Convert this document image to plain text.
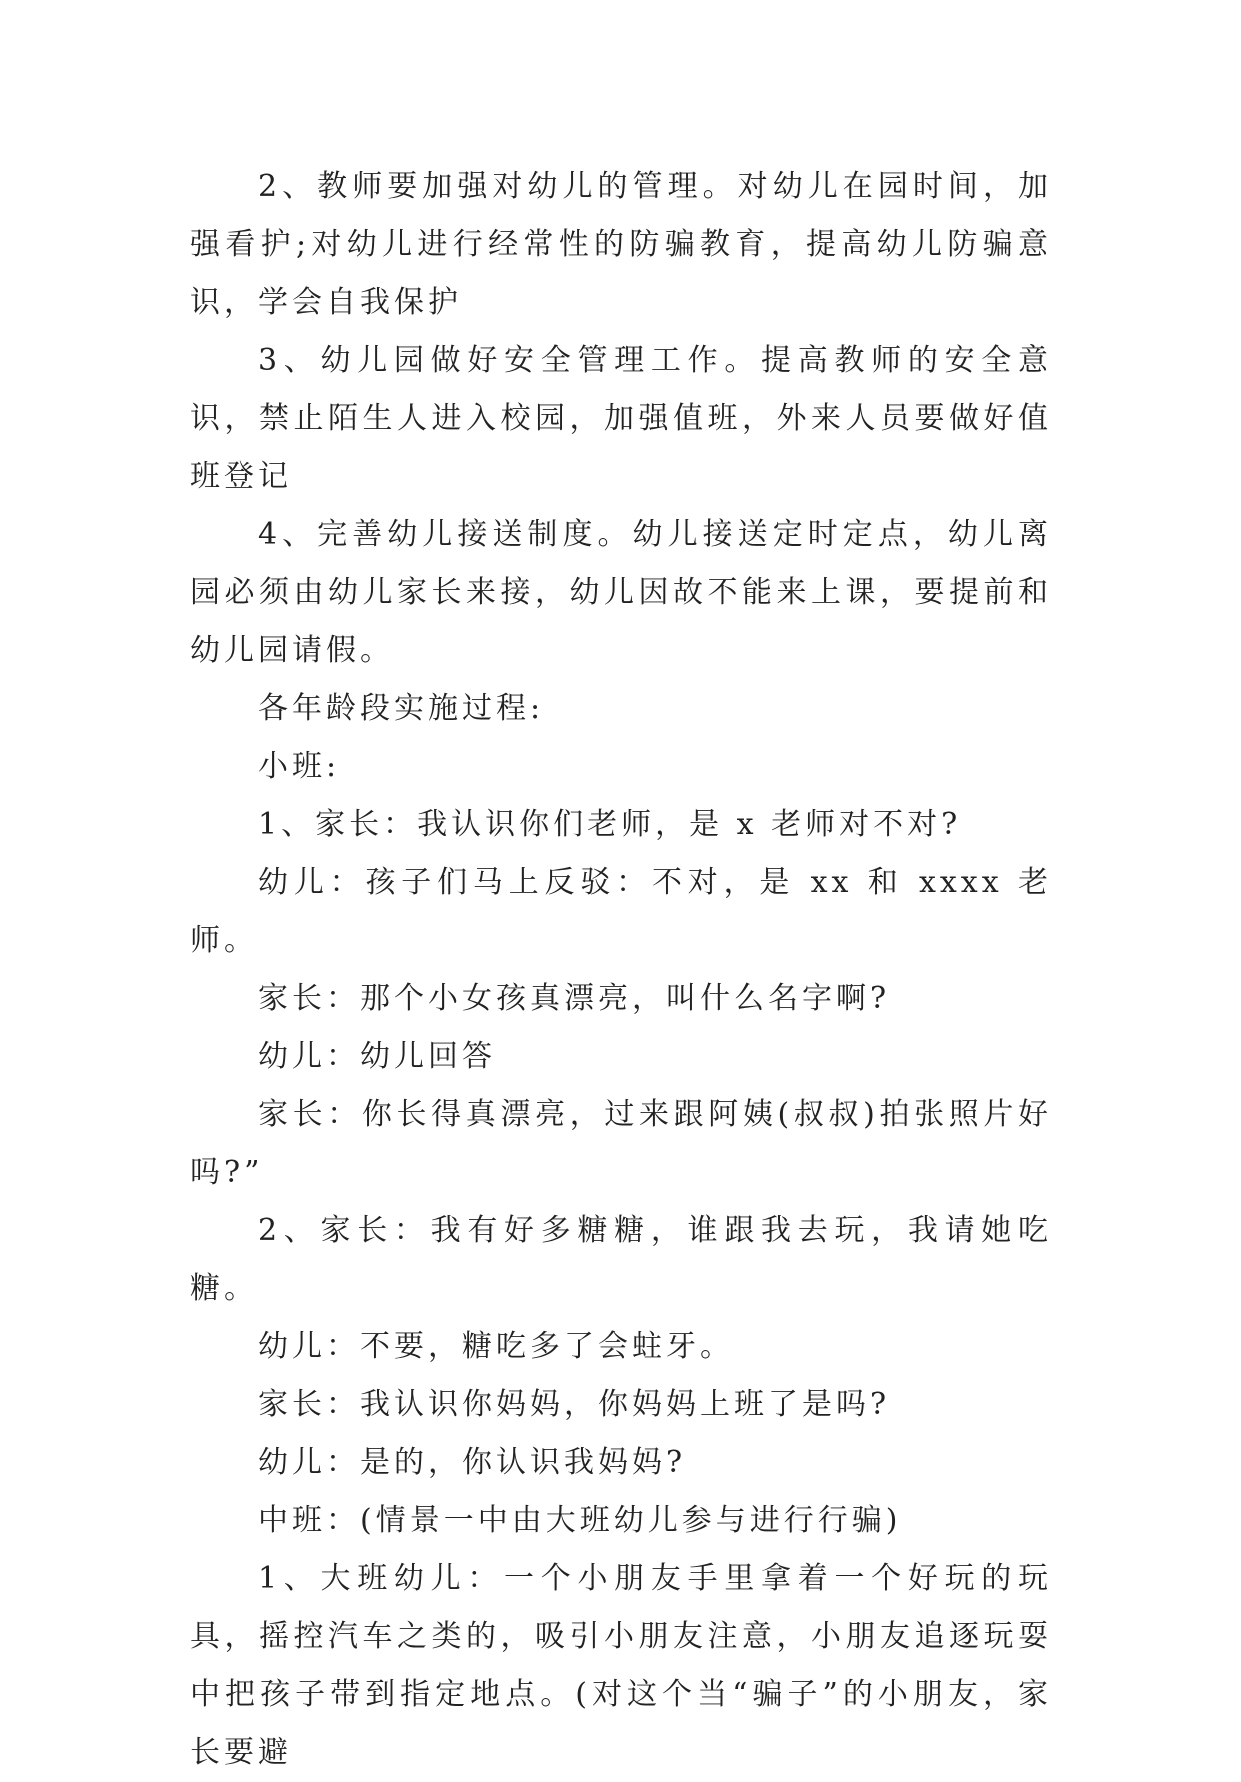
2、教师要加强对幼儿的管理。对幼儿在园时间，加强看护;对幼儿进行经常性的防骗教育，提高幼儿防骗意识，学会自我保护

3、幼儿园做好安全管理工作。提高教师的安全意识，禁止陌生人进入校园，加强值班，外来人员要做好值班登记

4、完善幼儿接送制度。幼儿接送定时定点，幼儿离园必须由幼儿家长来接，幼儿因故不能来上课，要提前和幼儿园请假。

各年龄段实施过程:

小班:

1、家长：我认识你们老师，是 x 老师对不对?

幼儿：孩子们马上反驳：不对，是 xx 和 xxxx 老师。

家长：那个小女孩真漂亮，叫什么名字啊?

幼儿：幼儿回答

家长：你长得真漂亮，过来跟阿姨(叔叔)拍张照片好吗?”

2、家长：我有好多糖糖，谁跟我去玩，我请她吃糖。

幼儿：不要，糖吃多了会蛀牙。

家长：我认识你妈妈，你妈妈上班了是吗?

幼儿：是的，你认识我妈妈?

中班：(情景一中由大班幼儿参与进行行骗)

1、大班幼儿：一个小朋友手里拿着一个好玩的玩具，摇控汽车之类的，吸引小朋友注意，小朋友追逐玩耍中把孩子带到指定地点。(对这个当“骗子”的小朋友，家长要避
